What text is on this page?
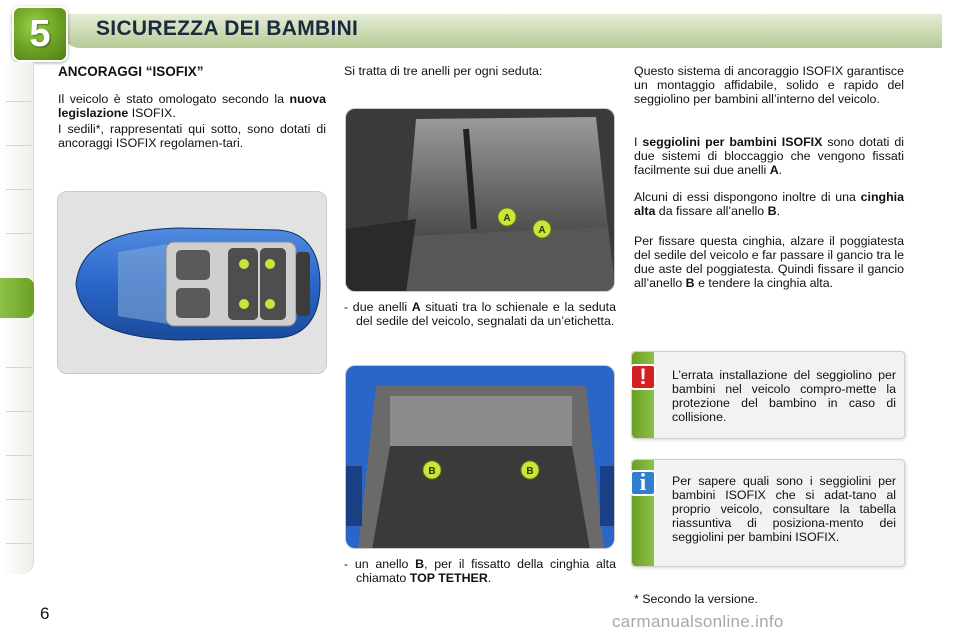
5	SICUREZZA DEI BAMBINI
ANCORAGGI “ISOFIX”
Il veicolo è stato omologato secondo la nuova legislazione ISOFIX.
I sedili*, rappresentati qui sotto, sono dotati di ancoraggi ISOFIX regolamen-tari.
Si tratta di tre anelli per ogni seduta:
A
A
- due anelli A situati tra lo schienale e la seduta del sedile del veicolo, segnalati da un’etichetta.
B	B
- un anello B, per il fissatto della cinghia alta chiamato TOP TETHER.
Questo sistema di ancoraggio ISOFIX garantisce un montaggio affidabile, solido e rapido del seggiolino per bambini all’interno del veicolo.
I seggiolini per bambini ISOFIX sono dotati di due sistemi di bloccaggio che vengono fissati facilmente sui due anelli A.
Alcuni di essi dispongono inoltre di una cinghia alta da fissare all’anello B.
Per fissare questa cinghia, alzare il poggiatesta del sedile del veicolo e far passare il gancio tra le due aste del poggiatesta. Quindi fissare il gancio all’anello B e tendere la cinghia alta.
!	L’errata installazione del seggiolino per bambini nel veicolo compro-mette la protezione del bambino in caso di collisione.
i	Per sapere quali sono i seggiolini per bambini ISOFIX che si adat-tano al proprio veicolo, consultare la tabella riassuntiva di posiziona-mento dei seggiolini per bambini ISOFIX.
* Secondo la versione.
6	carmanualsonline.info
